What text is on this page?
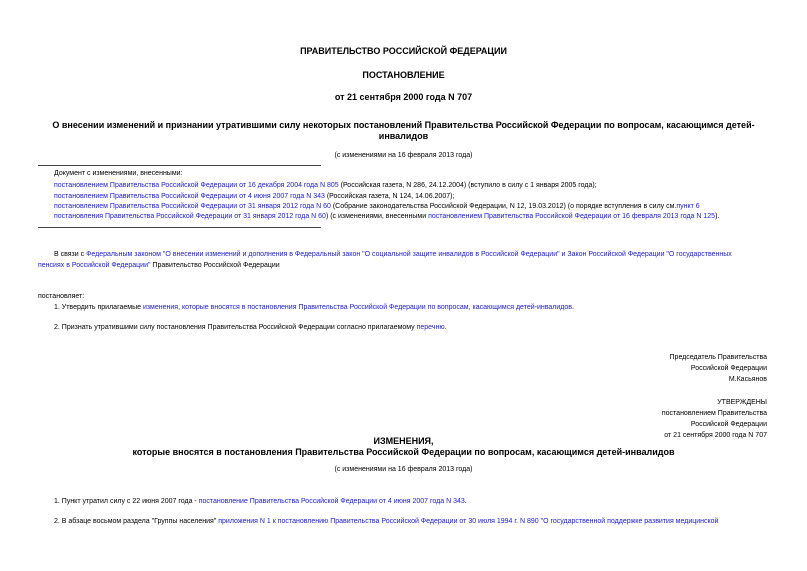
ПРАВИТЕЛЬСТВО РОССИЙСКОЙ ФЕДЕРАЦИИ
ПОСТАНОВЛЕНИЕ
от 21 сентября 2000 года N 707
О внесении изменений и признании утратившими силу некоторых постановлений Правительства Российской Федерации по вопросам, касающимся детей-
инвалидов
(с изменениями на 16 февраля 2013 года)
Документ с изменениями, внесенными:
постановлением Правительства Российской Федерации от 16 декабря 2004 года N 805 (Российская газета, N 286, 24.12.2004) (вступило в силу с 1 января 2005 года);
постановлением Правительства Российской Федерации от 4 июня 2007 года N 343 (Российская газета, N 124, 14.06.2007);
постановлением Правительства Российской Федерации от 31 января 2012 года N 60 (Собрание законодательства Российской Федерации, N 12, 19.03.2012) (о порядке вступления в силу см.пункт 6
постановления Правительства Российской Федерации от 31 января 2012 года N 60) (с изменениями, внесенными постановлением Правительства Российской Федерации от 16 февраля 2013 года N 125).
В связи с Федеральным законом "О внесении изменений и дополнения в Федеральный закон "О социальной защите инвалидов в Российской Федерации" и Закон Российской Федерации "О государственных
пенсиях в Российской Федерации" Правительство Российской Федерации
постановляет:
1. Утвердить прилагаемые изменения, которые вносятся в постановления Правительства Российской Федерации по вопросам, касающимся детей-инвалидов.
2. Признать утратившими силу постановления Правительства Российской Федерации согласно прилагаемому перечню.
Председатель Правительства
Российской Федерации
М.Касьянов
УТВЕРЖДЕНЫ
постановлением Правительства
Российской Федерации
от 21 сентября 2000 года N 707
ИЗМЕНЕНИЯ,
которые вносятся в постановления Правительства Российской Федерации по вопросам, касающимся детей-инвалидов
(с изменениями на 16 февраля 2013 года)
1. Пункт утратил силу с 22 июня 2007 года - постановление Правительства Российской Федерации от 4 июня 2007 года N 343.
2. В абзаце восьмом раздела "Группы населения" приложения N 1 к постановлению Правительства Российской Федерации от 30 июля 1994 г. N 890 "О государственной поддержке развития медицинской
